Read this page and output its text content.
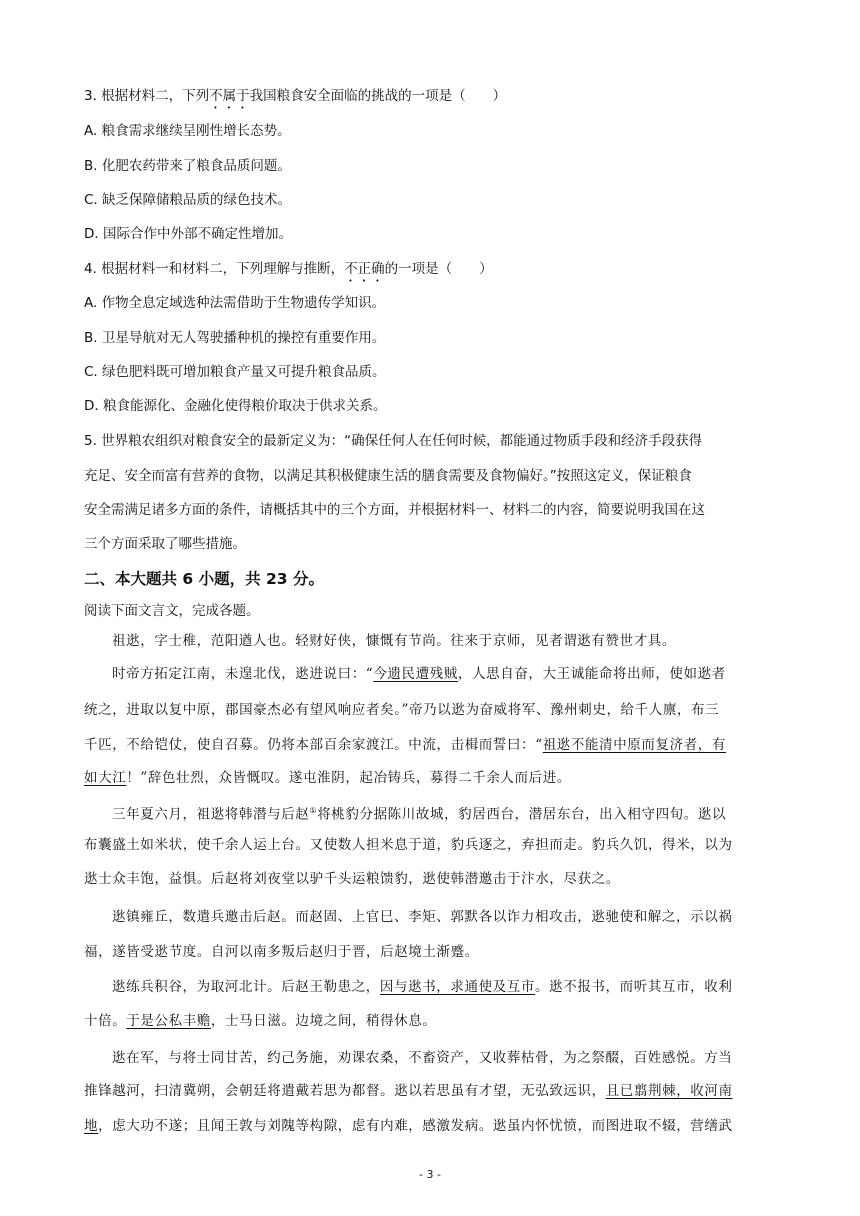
3. 根据材料二，下列不属于我国粮食安全面临的挑战的一项是（　　）
A. 粮食需求继续呈刚性增长态势。
B. 化肥农药带来了粮食品质问题。
C. 缺乏保障储粮品质的绿色技术。
D. 国际合作中外部不确定性增加。
4. 根据材料一和材料二，下列理解与推断，不正确的一项是（　　）
A. 作物全息定域选种法需借助于生物遗传学知识。
B. 卫星导航对无人驾驶播种机的操控有重要作用。
C. 绿色肥料既可增加粮食产量又可提升粮食品质。
D. 粮食能源化、金融化使得粮价取决于供求关系。
5. 世界粮农组织对粮食安全的最新定义为：“确保任何人在任何时候，都能通过物质手段和经济手段获得
充足、安全而富有营养的食物，以满足其积极健康生活的膳食需要及食物偏好。”按照这定义，保证粮食
安全需满足诸多方面的条件，请概括其中的三个方面，并根据材料一、材料二的内容，简要说明我国在这
三个方面采取了哪些措施。
二、本大题共 6 小题，共 23 分。
阅读下面文言文，完成各题。
祖逖，字士稚，范阳遒人也。轻财好侠，慷慨有节尚。往来于京师，见者谓逖有赞世才具。
时帝方拓定江南，未遑北伐，逖进说曰：“今遗民遭残贼，人思自奋，大王诚能命将出师，使如逖者
统之，进取以复中原，郡国豪杰必有望风响应者矣。”帝乃以逖为奋威将军、豫州刺史，给千人廪，布三
千匹，不给铠仗，使自召募。仍将本部百余家渡江。中流，击楫而誓曰：“祖逖不能清中原而复济者，有
如大江！”辞色壮烈，众皆慨叹。遂屯淮阴，起冶铸兵，募得二千余人而后进。
三年夏六月，祖逖将韩潜与后赵①将桃豹分据陈川故城，豹居西台，潜居东台，出入相守四旬。逖以
布囊盛土如米状，使千余人运上台。又使数人担米息于道，豹兵逐之，弃担而走。豹兵久饥，得米，以为
逖士众丰饱，益惧。后赵将刘夜堂以驴千头运粮馈豹，逖使韩潜邀击于汴水，尽获之。
逖镇雍丘，数遣兵邀击后赵。而赵固、上官巳、李矩、郭默各以诈力相攻击，逖驰使和解之，示以祸
福，遂皆受逖节度。自河以南多叛后赵归于晋，后赵境土渐蹙。
逖练兵积谷，为取河北计。后赵王勒患之，因与逖书，求通使及互市。逖不报书，而听其互市，收利
十倍。于是公私丰赡，士马日滋。边境之间，稍得休息。
逖在军，与将士同甘苦，约己务施，劝课农桑，不畜资产，又收葬枯骨，为之祭醊，百姓感悦。方当
推锋越河，扫清冀朔，会朝廷将遣戴若思为都督。逖以若思虽有才望，无弘致远识，且已翦荆棘，收河南
地，虑大功不遂；且闻王敦与刘隗等构隙，虑有内难，感激发病。逖虽内怀忧愤，而图进取不辍，营缮武
- 3 -
